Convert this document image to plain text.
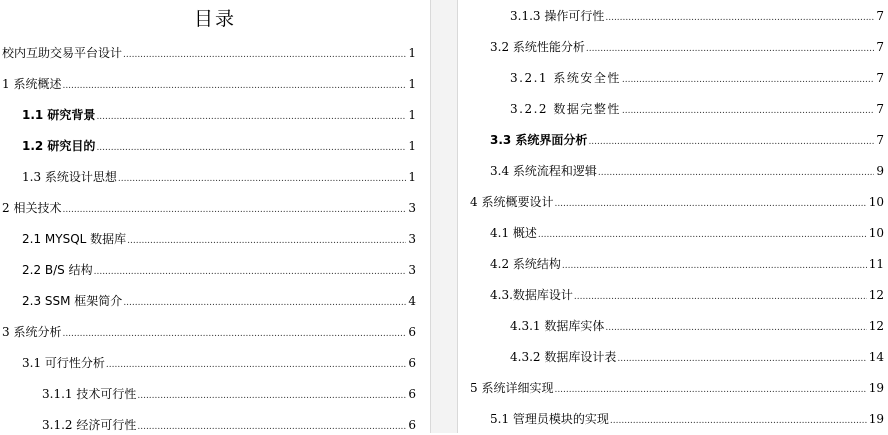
目录
校内互助交易平台设计 .....	1
1 系统概述 .....	1
1.1 研究背景 .....	1
1.2 研究目的 .....	1
1.3 系统设计思想 .....	1
2 相关技术 .....	3
2.1 MYSQL 数据库 .....	3
2.2 B/S 结构 .....	3
2.3 SSM 框架简介 .....	4
3 系统分析 .....	6
3.1 可行性分析 .....	6
3.1.1 技术可行性 .....	6
3.1.2 经济可行性 .....	6
3.1.3 操作可行性 .....	7
3.2 系统性能分析 .....	7
3.2.1 系统安全性 .....	7
3.2.2 数据完整性 .....	7
3.3 系统界面分析 .....	7
3.4 系统流程和逻辑 .....	9
4 系统概要设计 .....	10
4.1 概述 .....	10
4.2 系统结构 .....	11
4.3.数据库设计 .....	12
4.3.1 数据库实体 .....	12
4.3.2 数据库设计表 .....	14
5 系统详细实现 .....	19
5.1 管理员模块的实现 .....	19
